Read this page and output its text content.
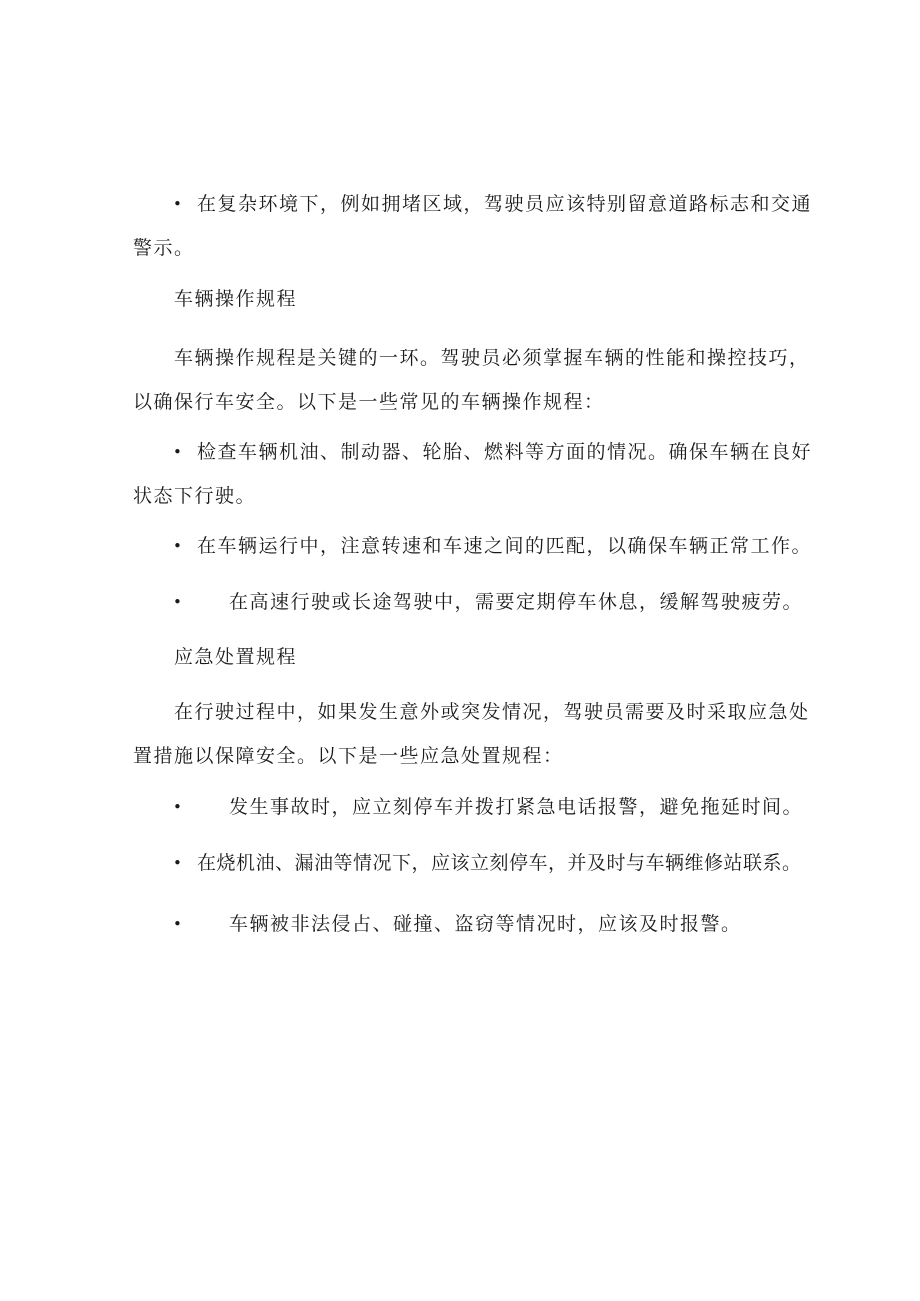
• 在复杂环境下，例如拥堵区域，驾驶员应该特别留意道路标志和交通警示。
车辆操作规程
车辆操作规程是关键的一环。驾驶员必须掌握车辆的性能和操控技巧，以确保行车安全。以下是一些常见的车辆操作规程：
• 检查车辆机油、制动器、轮胎、燃料等方面的情况。确保车辆在良好状态下行驶。
• 在车辆运行中，注意转速和车速之间的匹配，以确保车辆正常工作。
• 在高速行驶或长途驾驶中，需要定期停车休息，缓解驾驶疲劳。
应急处置规程
在行驶过程中，如果发生意外或突发情况，驾驶员需要及时采取应急处置措施以保障安全。以下是一些应急处置规程：
• 发生事故时，应立刻停车并拨打紧急电话报警，避免拖延时间。
• 在烧机油、漏油等情况下，应该立刻停车，并及时与车辆维修站联系。
• 车辆被非法侵占、碰撞、盗窃等情况时，应该及时报警。
